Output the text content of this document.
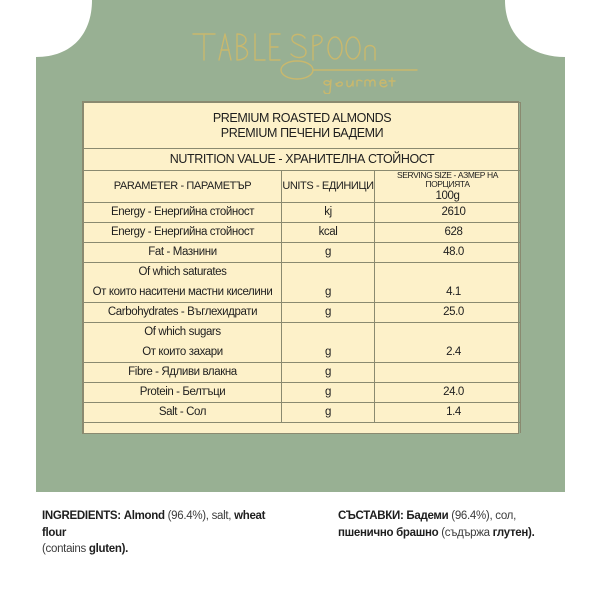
PREMIUM ROASTED ALMONDS
PREMIUM ПЕЧЕНИ БАДЕМИ		

NUTRITION VALUE - ХРАНИТЕЛНА СТОЙНОСТ		
PARAMETER - ПАРАМЕТЪР	UNITS - ЕДИНИЦИ	SERVING SIZE - АЗМЕР НА ПОРЦИЯТА
100g

Energy - Енергийна стойност	kj	2610
Energy - Енергийна стойност	kcal	628
Fat - Мазнини	g	48.0

Of which saturates
От които наситени мастни киселини	g	4.1

Carbohydrates - Въглехидрати	g	25.0

Of which sugars
От които захари	g	2.4

Fibre - Ядливи влакна	g	
Protein - Белтъци	g	24.0
Salt - Сол	g	1.4

INGREDIENTS: Almond (96.4%), salt, wheat flour
(contains gluten).
СЪСТАВКИ: Бадеми (96.4%), сол, пшенично брашно (съдържа глутен).
